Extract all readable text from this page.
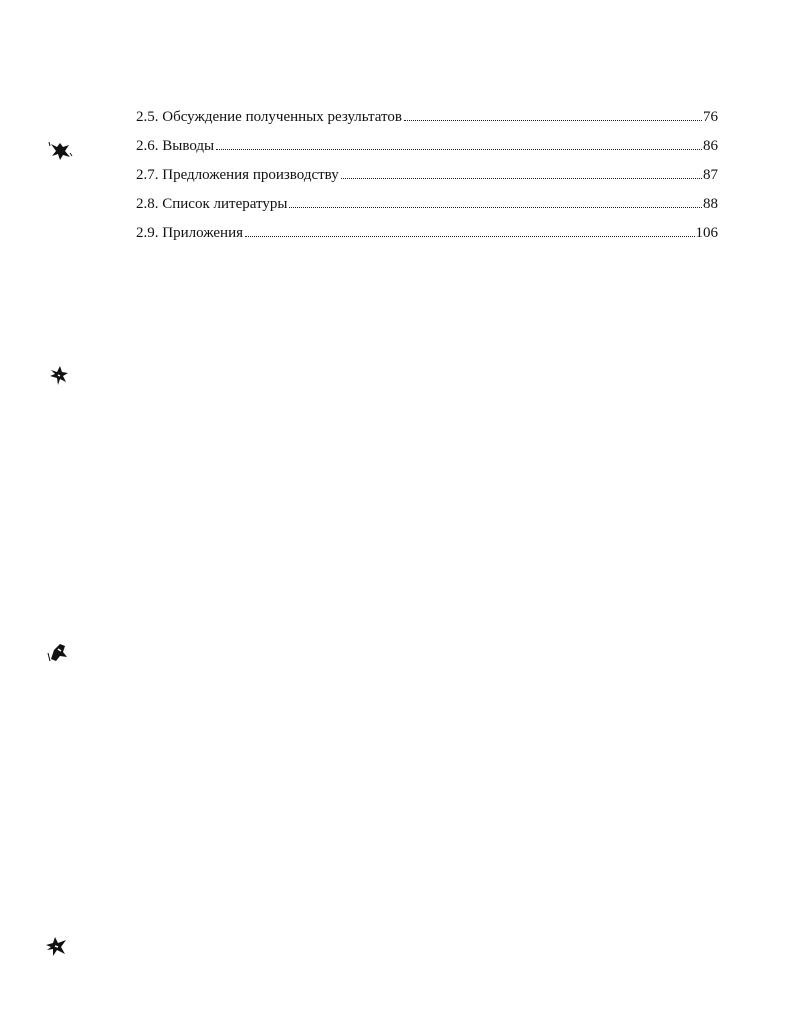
2.5. Обсуждение полученных результатов	76
2.6. Выводы	86
2.7. Предложения производству	87
2.8. Список литературы	88
2.9. Приложения	106
